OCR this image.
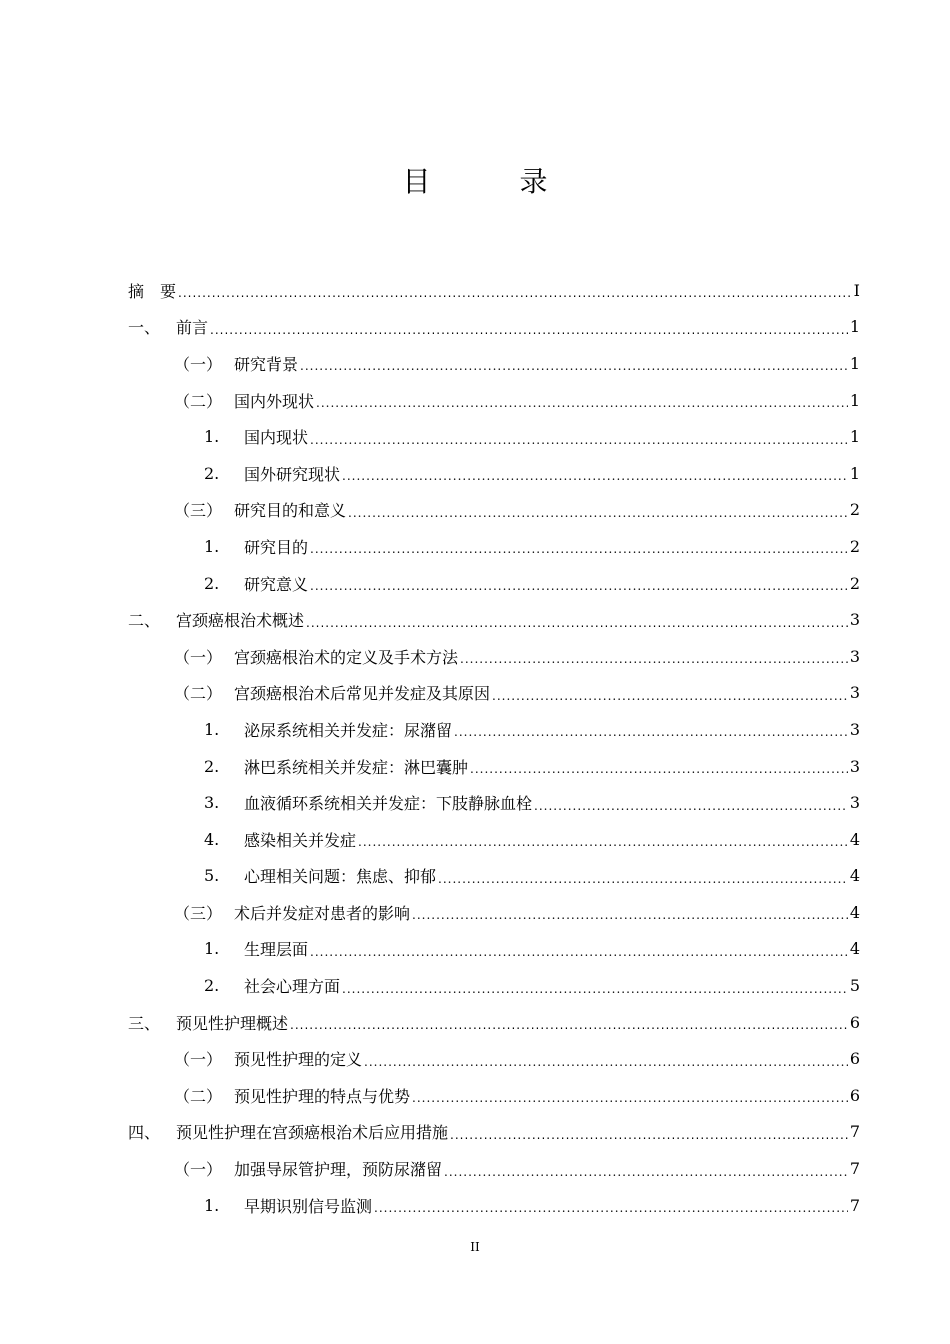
目 录
摘　要 .....	I
一、 前言 .....	1
（一） 研究背景 .....	1
（二） 国内外现状 .....	1
1.	国内现状 .....	1
2.	国外研究现状 .....	1
（三） 研究目的和意义 .....	2
1.	研究目的 .....	2
2.	研究意义 .....	2
二、 宫颈癌根治术概述 .....	3
（一） 宫颈癌根治术的定义及手术方法 .....	3
（二） 宫颈癌根治术后常见并发症及其原因 .....	3
1.	泌尿系统相关并发症：尿潴留 .....	3
2.	淋巴系统相关并发症：淋巴囊肿 .....	3
3.	血液循环系统相关并发症：下肢静脉血栓 .....	3
4.	感染相关并发症 .....	4
5.	心理相关问题：焦虑、抑郁 .....	4
（三） 术后并发症对患者的影响 .....	4
1.	生理层面 .....	4
2.	社会心理方面 .....	5
三、 预见性护理概述 .....	6
（一） 预见性护理的定义 .....	6
（二） 预见性护理的特点与优势 .....	6
四、 预见性护理在宫颈癌根治术后应用措施 .....	7
（一） 加强导尿管护理，预防尿潴留 .....	7
1.	早期识别信号监测 .....	7
II
